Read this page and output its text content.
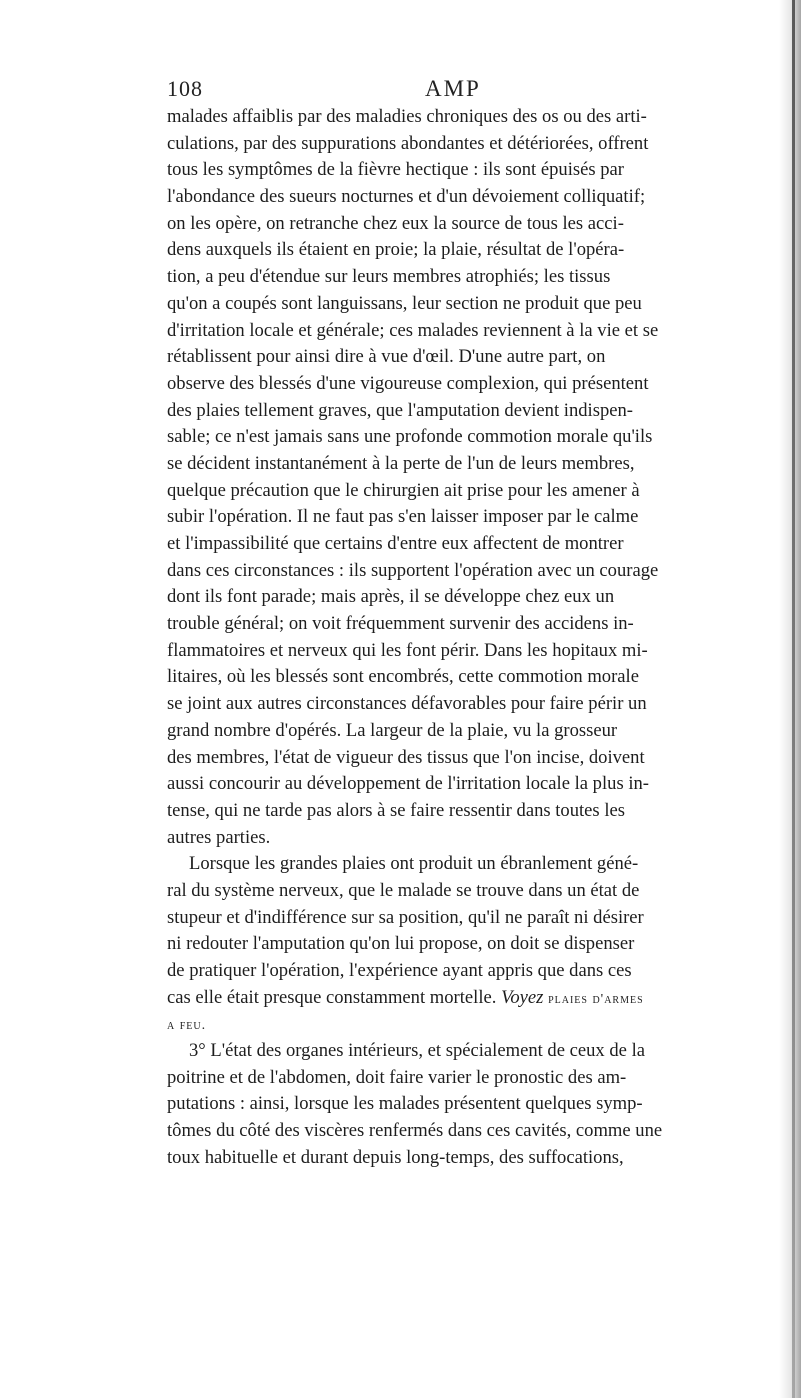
108	AMP
malades affaiblis par des maladies chroniques des os ou des arti-
culations, par des suppurations abondantes et détériorées, offrent
tous les symptômes de la fièvre hectique : ils sont épuisés par
l'abondance des sueurs nocturnes et d'un dévoiement colliquatif;
on les opère, on retranche chez eux la source de tous les acci-
dens auxquels ils étaient en proie; la plaie, résultat de l'opéra-
tion, a peu d'étendue sur leurs membres atrophiés; les tissus
qu'on a coupés sont languissans, leur section ne produit que peu
d'irritation locale et générale; ces malades reviennent à la vie et se
rétablissent pour ainsi dire à vue d'œil. D'une autre part, on
observe des blessés d'une vigoureuse complexion, qui présentent
des plaies tellement graves, que l'amputation devient indispen-
sable; ce n'est jamais sans une profonde commotion morale qu'ils
se décident instantanément à la perte de l'un de leurs membres,
quelque précaution que le chirurgien ait prise pour les amener à
subir l'opération. Il ne faut pas s'en laisser imposer par le calme
et l'impassibilité que certains d'entre eux affectent de montrer
dans ces circonstances : ils supportent l'opération avec un courage
dont ils font parade; mais après, il se développe chez eux un
trouble général; on voit fréquemment survenir des accidens in-
flammatoires et nerveux qui les font périr. Dans les hopitaux mi-
litaires, où les blessés sont encombrés, cette commotion morale
se joint aux autres circonstances défavorables pour faire périr un
grand nombre d'opérés. La largeur de la plaie, vu la grosseur
des membres, l'état de vigueur des tissus que l'on incise, doivent
aussi concourir au développement de l'irritation locale la plus in-
tense, qui ne tarde pas alors à se faire ressentir dans toutes les
autres parties.
Lorsque les grandes plaies ont produit un ébranlement géné-
ral du système nerveux, que le malade se trouve dans un état de
stupeur et d'indifférence sur sa position, qu'il ne paraît ni désirer
ni redouter l'amputation qu'on lui propose, on doit se dispenser
de pratiquer l'opération, l'expérience ayant appris que dans ces
cas elle était presque constamment mortelle. Voyez plaies d'armes
a feu.
3° L'état des organes intérieurs, et spécialement de ceux de la
poitrine et de l'abdomen, doit faire varier le pronostic des am-
putations : ainsi, lorsque les malades présentent quelques symp-
tômes du côté des viscères renfermés dans ces cavités, comme une
toux habituelle et durant depuis long-temps, des suffocations,
